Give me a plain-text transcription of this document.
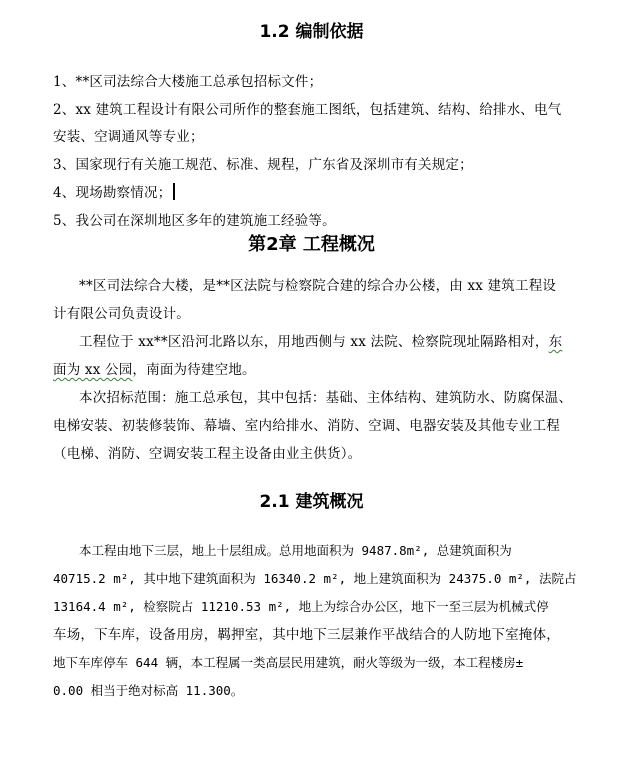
1.2 编制依据
1、**区司法综合大楼施工总承包招标文件；
2、xx 建筑工程设计有限公司所作的整套施工图纸，包括建筑、结构、给排水、电气
安装、空调通风等专业；
3、国家现行有关施工规范、标准、规程，广东省及深圳市有关规定；
4、现场勘察情况；
5、我公司在深圳地区多年的建筑施工经验等。
第2章 工程概况
**区司法综合大楼，是**区法院与检察院合建的综合办公楼，由 xx 建筑工程设
计有限公司负责设计。
工程位于 xx**区沿河北路以东，用地西侧与 xx 法院、检察院现址隔路相对，东
面为 xx 公园，南面为待建空地。
本次招标范围：施工总承包，其中包括：基础、主体结构、建筑防水、防腐保温、
电梯安装、初装修装饰、幕墙、室内给排水、消防、空调、电器安装及其他专业工程
（电梯、消防、空调安装工程主设备由业主供货）。
2.1 建筑概况
本工程由地下三层，地上十层组成。总用地面积为 9487.8m², 总建筑面积为
40715.2 m², 其中地下建筑面积为 16340.2 m², 地上建筑面积为 24375.0 m², 法院占
13164.4 m², 检察院占 11210.53 m², 地上为综合办公区，地下一至三层为机械式停
车场，下车库，设备用房，羁押室，其中地下三层兼作平战结合的人防地下室掩体，
地下车库停车 644 辆，本工程属一类高层民用建筑，耐火等级为一级，本工程楼房±
0.00 相当于绝对标高 11.300。
